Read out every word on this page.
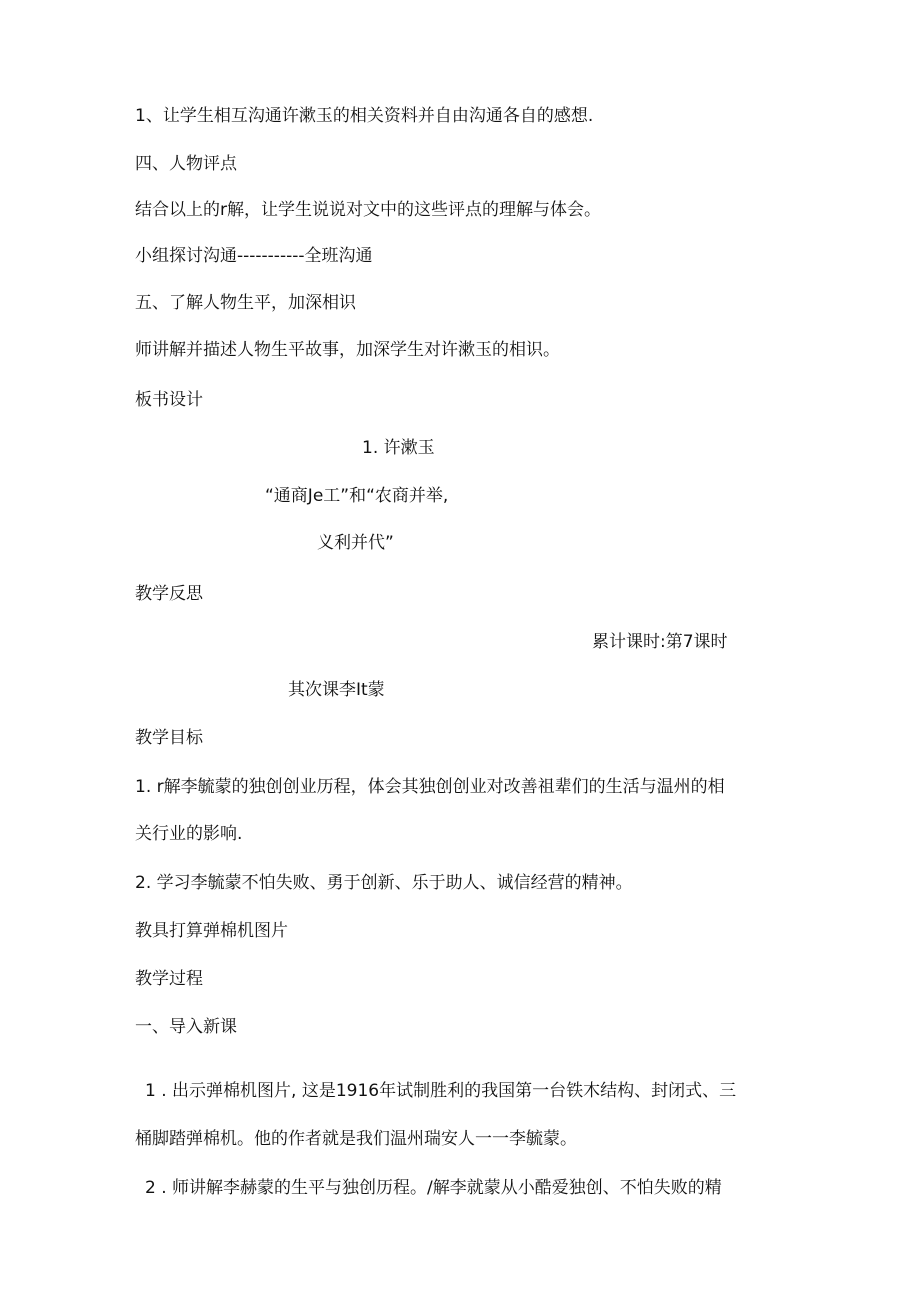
1、让学生相互沟通许漱玉的相关资料并自由沟通各自的感想.
四、人物评点
结合以上的r解，让学生说说对文中的这些评点的理解与体会。
小组探讨沟通-----------全班沟通
五、了解人物生平，加深相识
师讲解并描述人物生平故事，加深学生对许漱玉的相识。
板书设计
1. 许漱玉
“通商Je工”和“农商并举,
义利并代”
教学反思
累计课时:第7课时
其次课李It蒙
教学目标
1. r解李毓蒙的独创创业历程，体会其独创创业对改善祖辈们的生活与温州的相
关行业的影响.
2. 学习李毓蒙不怕失败、勇于创新、乐于助人、诚信经营的精神。
教具打算弹棉机图片
教学过程
一、导入新课
1 . 出示弹棉机图片, 这是1916年试制胜利的我国第一台铁木结构、封闭式、三
桶脚踏弹棉机。他的作者就是我们温州瑞安人一一李毓蒙。
2 . 师讲解李赫蒙的生平与独创历程。/解李就蒙从小酷爱独创、不怕失败的精
